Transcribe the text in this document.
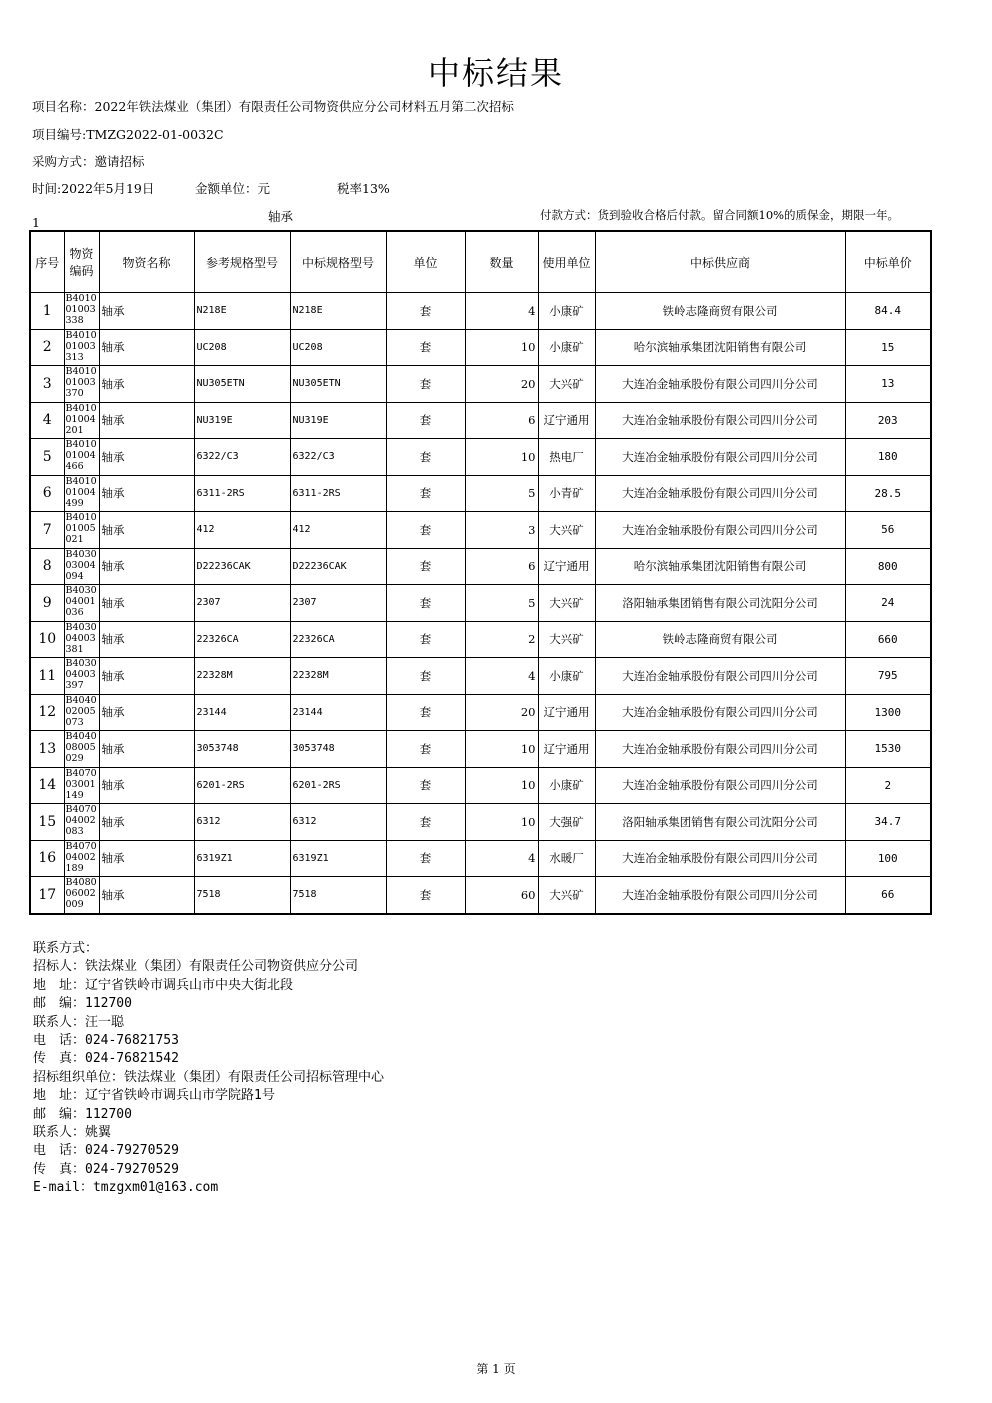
中标结果
项目名称：2022年铁法煤业（集团）有限责任公司物资供应分公司材料五月第二次招标
项目编号:TMZG2022-01-0032C
采购方式：邀请招标
时间:2022年5月19日	金额单位：元	税率13%
1	轴承	付款方式：货到验收合格后付款。留合同额10%的质保金，期限一年。
序号	物资编码	物资名称	参考规格型号	中标规格型号	单位	数量	使用单位	中标供应商	中标单价
1	B4010 01003 338	轴承	N218E	N218E	套	4	小康矿	铁岭志隆商贸有限公司	84.4
2	B4010 01003 313	轴承	UC208	UC208	套	10	小康矿	哈尔滨轴承集团沈阳销售有限公司	15
3	B4010 01003 370	轴承	NU305ETN	NU305ETN	套	20	大兴矿	大连冶金轴承股份有限公司四川分公司	13
4	B4010 01004 201	轴承	NU319E	NU319E	套	6	辽宁通用	大连冶金轴承股份有限公司四川分公司	203
5	B4010 01004 466	轴承	6322/C3	6322/C3	套	10	热电厂	大连冶金轴承股份有限公司四川分公司	180
6	B4010 01004 499	轴承	6311-2RS	6311-2RS	套	5	小青矿	大连冶金轴承股份有限公司四川分公司	28.5
7	B4010 01005 021	轴承	412	412	套	3	大兴矿	大连冶金轴承股份有限公司四川分公司	56
8	B4030 03004 094	轴承	D22236CAK	D22236CAK	套	6	辽宁通用	哈尔滨轴承集团沈阳销售有限公司	800
9	B4030 04001 036	轴承	2307	2307	套	5	大兴矿	洛阳轴承集团销售有限公司沈阳分公司	24
10	B4030 04003 381	轴承	22326CA	22326CA	套	2	大兴矿	铁岭志隆商贸有限公司	660
11	B4030 04003 397	轴承	22328M	22328M	套	4	小康矿	大连冶金轴承股份有限公司四川分公司	795
12	B4040 02005 073	轴承	23144	23144	套	20	辽宁通用	大连冶金轴承股份有限公司四川分公司	1300
13	B4040 08005 029	轴承	3053748	3053748	套	10	辽宁通用	大连冶金轴承股份有限公司四川分公司	1530
14	B4070 03001 149	轴承	6201-2RS	6201-2RS	套	10	小康矿	大连冶金轴承股份有限公司四川分公司	2
15	B4070 04002 083	轴承	6312	6312	套	10	大强矿	洛阳轴承集团销售有限公司沈阳分公司	34.7
16	B4070 04002 189	轴承	6319Z1	6319Z1	套	4	水暖厂	大连冶金轴承股份有限公司四川分公司	100
17	B4080 06002 009	轴承	7518	7518	套	60	大兴矿	大连冶金轴承股份有限公司四川分公司	66
联系方式：
招标人：铁法煤业（集团）有限责任公司物资供应分公司
地　址：辽宁省铁岭市调兵山市中央大街北段
邮　编：112700
联系人：汪一聪
电　话：024-76821753
传　真：024-76821542
招标组织单位：铁法煤业（集团）有限责任公司招标管理中心
地　址：辽宁省铁岭市调兵山市学院路1号
邮　编：112700
联系人：姚翼
电　话：024-79270529
传　真：024-79270529
E-mail：tmzgxm01@163.com
第 1 页
